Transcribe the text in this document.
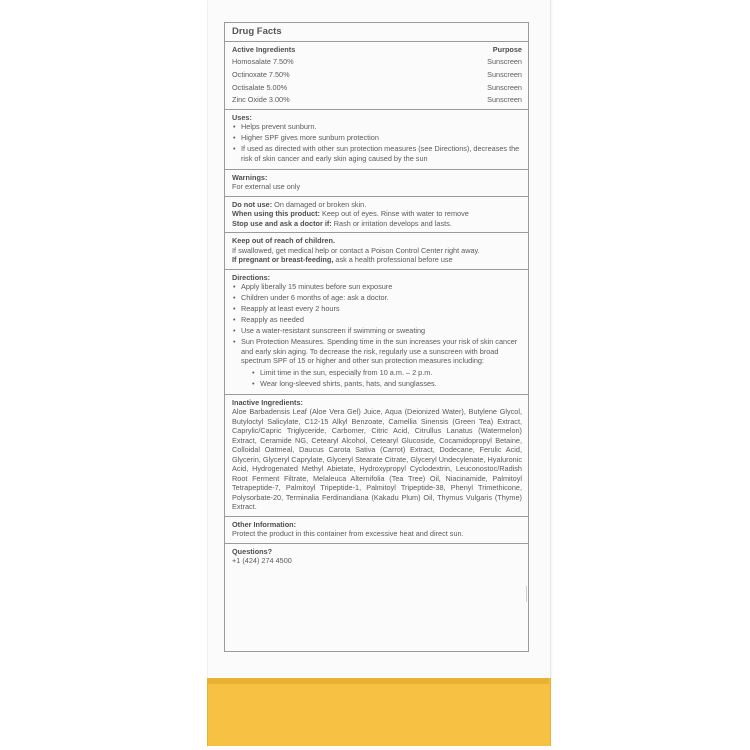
Drug Facts
Active Ingredients	Purpose
Homosalate 7.50%	Sunscreen
Octinoxate 7.50%	Sunscreen
Octisalate 5.00%	Sunscreen
Zinc Oxide 3.00%	Sunscreen
Uses:
• Helps prevent sunburn.
• Higher SPF gives more sunburn protection
• If used as directed with other sun protection measures (see Directions), decreases the risk of skin cancer and early skin aging caused by the sun
Warnings:
For external use only
Do not use: On damaged or broken skin.
When using this product: Keep out of eyes. Rinse with water to remove
Stop use and ask a doctor if: Rash or irritation develops and lasts.
Keep out of reach of children.
If swallowed, get medical help or contact a Poison Control Center right away.
If pregnant or breast-feeding, ask a health professional before use
Directions:
• Apply liberally 15 minutes before sun exposure
• Children under 6 months of age: ask a doctor.
• Reapply at least every 2 hours
• Reapply as needed
• Use a water-resistant sunscreen if swimming or sweating
• Sun Protection Measures. Spending time in the sun increases your risk of skin cancer and early skin aging. To decrease the risk, regularly use a sunscreen with broad spectrum SPF of 15 or higher and other sun protection measures including:
• Limit time in the sun, especially from 10 a.m. – 2 p.m.
• Wear long-sleeved shirts, pants, hats, and sunglasses.
Inactive Ingredients:
Aloe Barbadensis Leaf (Aloe Vera Gel) Juice, Aqua (Deionized Water), Butylene Glycol, Butyloctyl Salicylate, C12-15 Alkyl Benzoate, Camellia Sinensis (Green Tea) Extract, Caprylic/Capric Triglyceride, Carbomer, Citric Acid, Citrullus Lanatus (Watermelon) Extract, Ceramide NG, Cetearyl Alcohol, Cetearyl Glucoside, Cocamidopropyl Betaine, Colloidal Oatmeal, Daucus Carota Sativa (Carrot) Extract, Dodecane, Ferulic Acid, Glycerin, Glyceryl Caprylate, Glyceryl Stearate Citrate, Glyceryl Undecylenate, Hyaluronic Acid, Hydrogenated Methyl Abietate, Hydroxypropyl Cyclodextrin, Leuconostoc/Radish Root Ferment Filtrate, Melaleuca Alternifolia (Tea Tree) Oil, Niacinamide, Palmitoyl Tetrapeptide-7, Palmitoyl Tripeptide-1, Palmitoyl Tripeptide-38, Phenyl Trimethicone, Polysorbate-20, Terminalia Ferdinandiana (Kakadu Plum) Oil, Thymus Vulgaris (Thyme) Extract.
Other Information:
Protect the product in this container from excessive heat and direct sun.
Questions?
+1 (424) 274 4500
